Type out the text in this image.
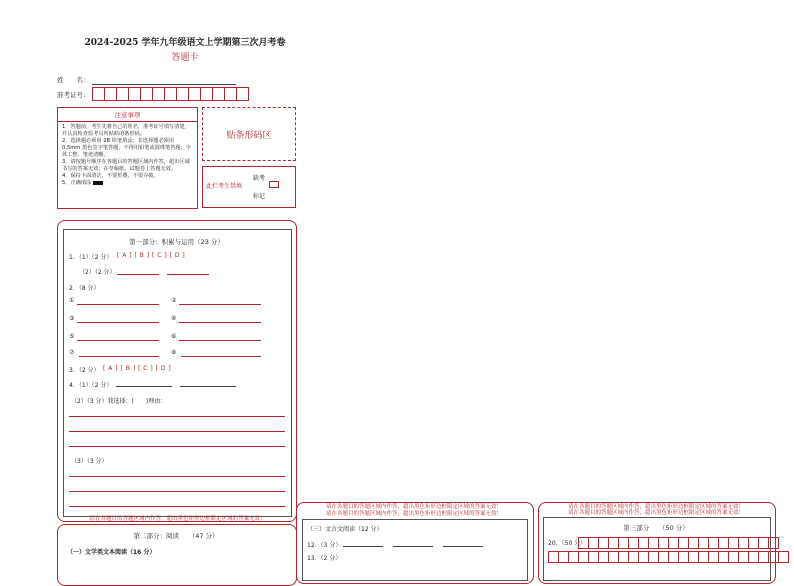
2024-2025 学年九年级语文上学期第三次月考卷
答题卡
姓　　名：
准考证号：
注意事项
1．答题前，考生先将自己的姓名，准考证号填写清楚，并认真检查监考员所粘贴的条形码。
2．选择题必须用 2B 铅笔填涂；非选择题必须用 0.5mm 黑色签字笔答题，不得用铅笔或圆珠笔答题；字体工整、笔迹清晰。
3．请按题号顺序在各题目的答题区域内作答，超出区域书写的答案无效；在草稿纸、试题卷上答题无效。
4．保持卡面清洁，不要折叠、不要弄破。
5．正确填涂
贴条形码区
缺考
此栏考生禁填
标记
第一部分：积累与运用（23 分）
1．（1）（2 分） [ A ] [ B ] [ C ] [ D ]
（2）（2 分）
2．（8 分）
①	②
③	④
⑤	⑥
⑦	⑧
3．（2 分） [ A ] [ B ] [ C ] [ D ]
4．（1）（2 分）
（2）（3 分）我选择：(　　)理由：
（3）（3 分）
请在各题目的答题区域内作答，超出黑色矩形边框限定区域的答案无效！
第二部分：阅读　　（47 分）
（一）文学类文本阅读（16 分）
请在各题目的答题区域内作答，超出黑色矩形边框限定区域的答案无效！
请在各题目的答题区域内作答，超出黑色矩形边框限定区域的答案无效！
（三）文言文阅读（12 分）
12．（3 分）
13．（2 分）
请在各题目的答题区域内作答，超出黑色矩形边框限定区域的答案无效！
请在各题目的答题区域内作答，超出黑色矩形边框限定区域的答案无效！
第三部分　　（50 分）
20．（50 分）
